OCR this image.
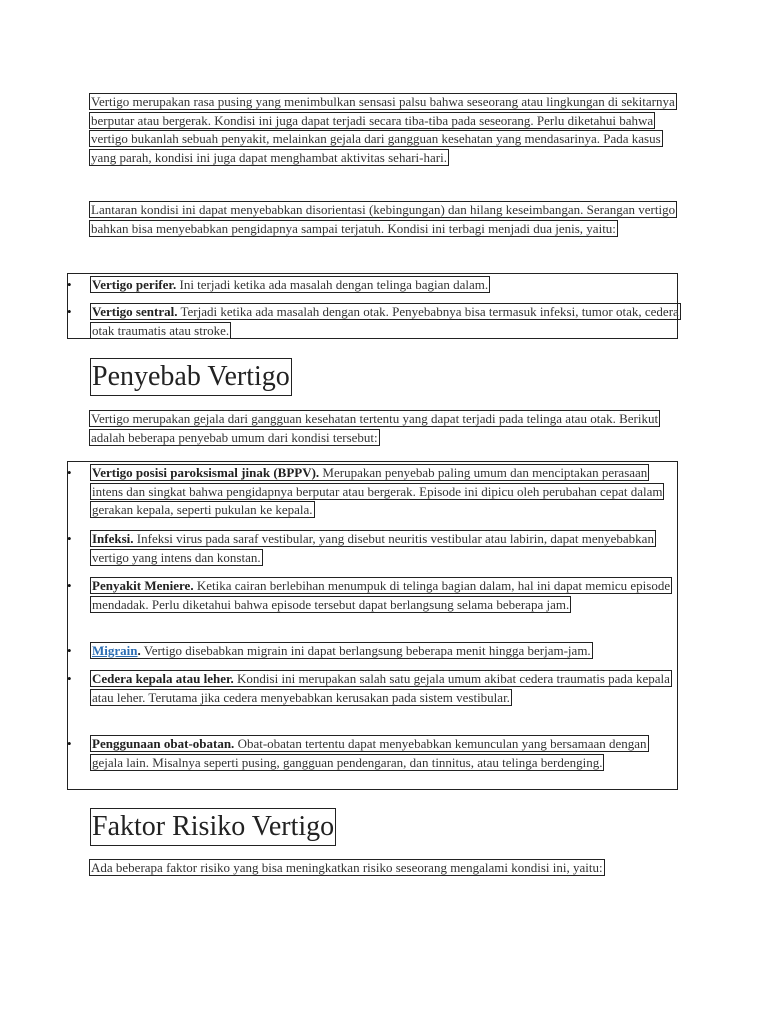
Vertigo merupakan rasa pusing yang menimbulkan sensasi palsu bahwa seseorang atau lingkungan di sekitarnya berputar atau bergerak. Kondisi ini juga dapat terjadi secara tiba-tiba pada seseorang. Perlu diketahui bahwa vertigo bukanlah sebuah penyakit, melainkan gejala dari gangguan kesehatan yang mendasarinya. Pada kasus yang parah, kondisi ini juga dapat menghambat aktivitas sehari-hari.

Lantaran kondisi ini dapat menyebabkan disorientasi (kebingungan) dan hilang keseimbangan. Serangan vertigo bahkan bisa menyebabkan pengidapnya sampai terjatuh. Kondisi ini terbagi menjadi dua jenis, yaitu:

• Vertigo perifer. Ini terjadi ketika ada masalah dengan telinga bagian dalam.
• Vertigo sentral. Terjadi ketika ada masalah dengan otak. Penyebabnya bisa termasuk infeksi, tumor otak, cedera otak traumatis atau stroke.
Penyebab Vertigo

Vertigo merupakan gejala dari gangguan kesehatan tertentu yang dapat terjadi pada telinga atau otak. Berikut adalah beberapa penyebab umum dari kondisi tersebut:

• Vertigo posisi paroksismal jinak (BPPV). Merupakan penyebab paling umum dan menciptakan perasaan intens dan singkat bahwa pengidapnya berputar atau bergerak. Episode ini dipicu oleh perubahan cepat dalam gerakan kepala, seperti pukulan ke kepala.
• Infeksi. Infeksi virus pada saraf vestibular, yang disebut neuritis vestibular atau labirin, dapat menyebabkan vertigo yang intens dan konstan.
• Penyakit Meniere. Ketika cairan berlebihan menumpuk di telinga bagian dalam, hal ini dapat memicu episode mendadak. Perlu diketahui bahwa episode tersebut dapat berlangsung selama beberapa jam.
• Migrain. Vertigo disebabkan migrain ini dapat berlangsung beberapa menit hingga berjam-jam.
• Cedera kepala atau leher. Kondisi ini merupakan salah satu gejala umum akibat cedera traumatis pada kepala atau leher. Terutama jika cedera menyebabkan kerusakan pada sistem vestibular.
• Penggunaan obat-obatan. Obat-obatan tertentu dapat menyebabkan kemunculan yang bersamaan dengan gejala lain. Misalnya seperti pusing, gangguan pendengaran, dan tinnitus, atau telinga berdenging.
Faktor Risiko Vertigo

Ada beberapa faktor risiko yang bisa meningkatkan risiko seseorang mengalami kondisi ini, yaitu:
